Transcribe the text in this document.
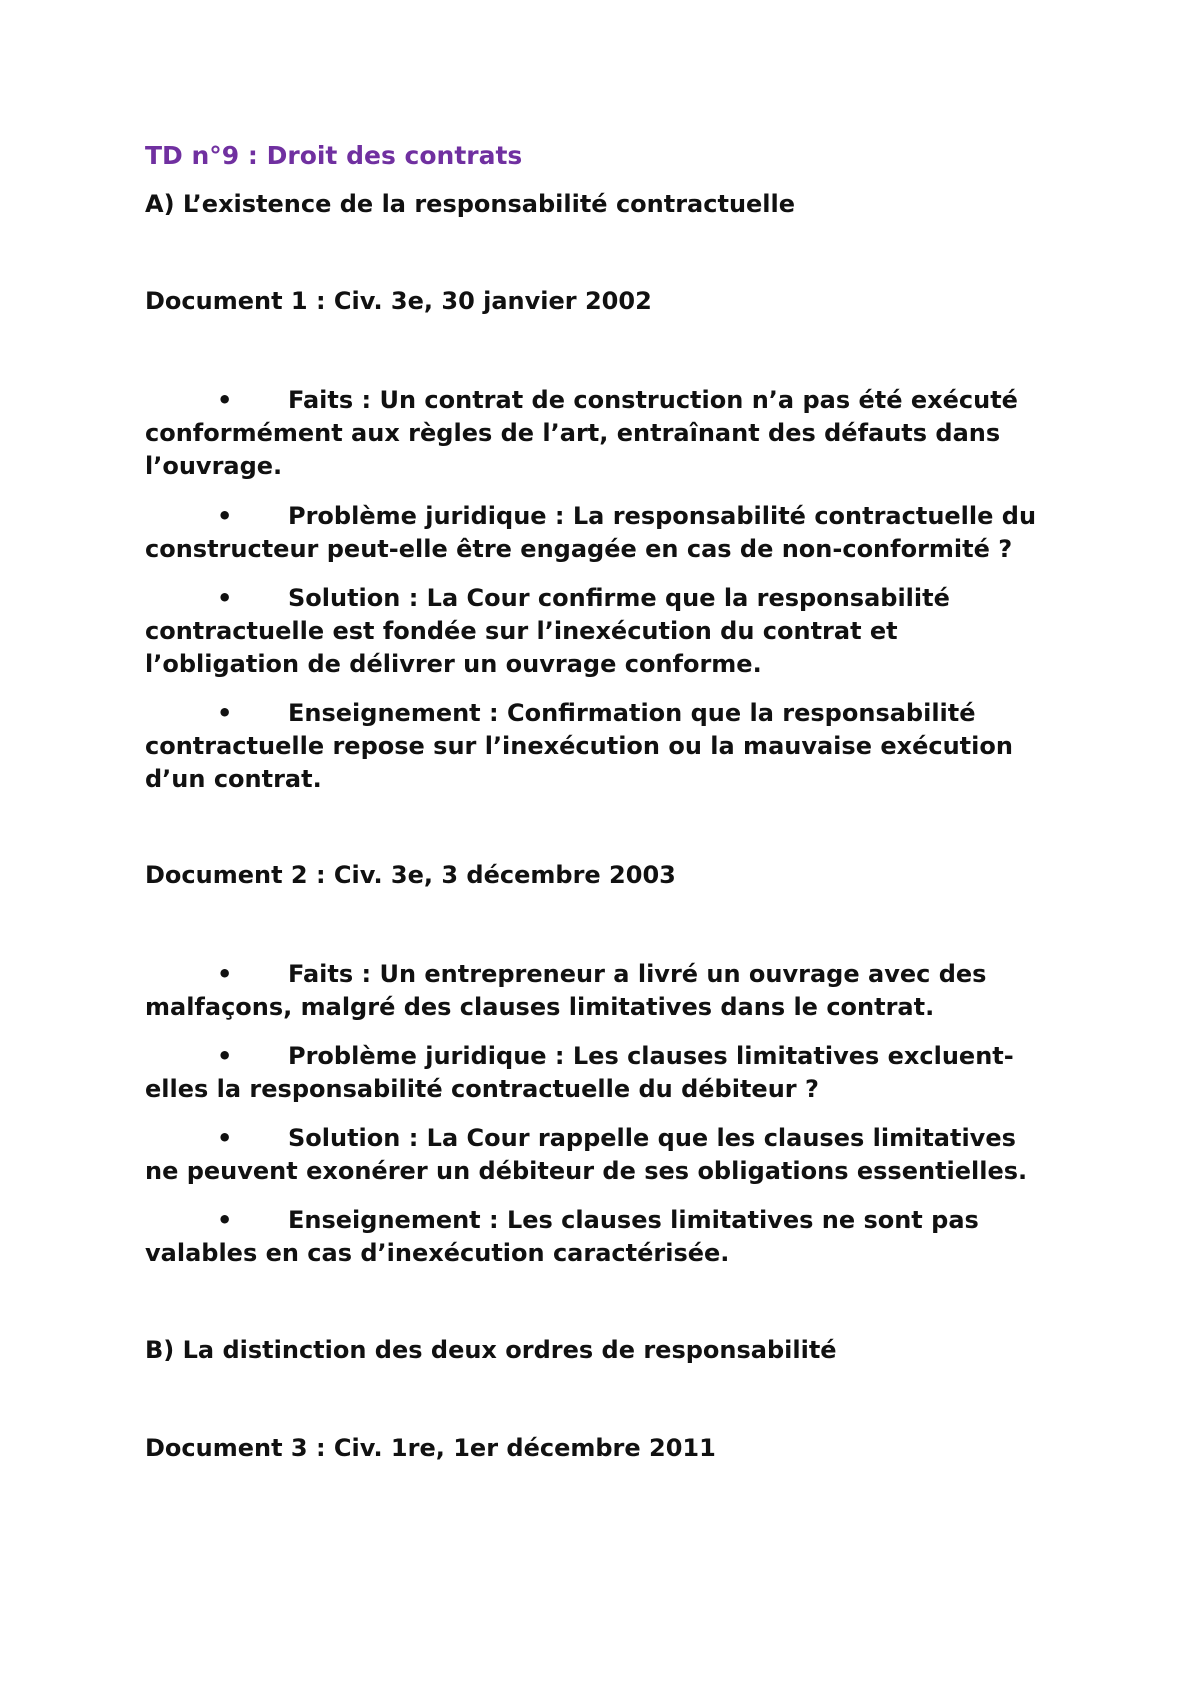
TD n°9 : Droit des contrats
A) L’existence de la responsabilité contractuelle
Document 1 : Civ. 3e, 30 janvier 2002

• Faits : Un contrat de construction n’a pas été exécuté conformément aux règles de l’art, entraînant des défauts dans l’ouvrage.

• Problème juridique : La responsabilité contractuelle du constructeur peut-elle être engagée en cas de non-conformité ?

• Solution : La Cour confirme que la responsabilité contractuelle est fondée sur l’inexécution du contrat et l’obligation de délivrer un ouvrage conforme.

• Enseignement : Confirmation que la responsabilité contractuelle repose sur l’inexécution ou la mauvaise exécution d’un contrat.

Document 2 : Civ. 3e, 3 décembre 2003

• Faits : Un entrepreneur a livré un ouvrage avec des malfaçons, malgré des clauses limitatives dans le contrat.

• Problème juridique : Les clauses limitatives excluent-elles la responsabilité contractuelle du débiteur ?

• Solution : La Cour rappelle que les clauses limitatives ne peuvent exonérer un débiteur de ses obligations essentielles.

• Enseignement : Les clauses limitatives ne sont pas valables en cas d’inexécution caractérisée.

B) La distinction des deux ordres de responsabilité
Document 3 : Civ. 1re, 1er décembre 2011
